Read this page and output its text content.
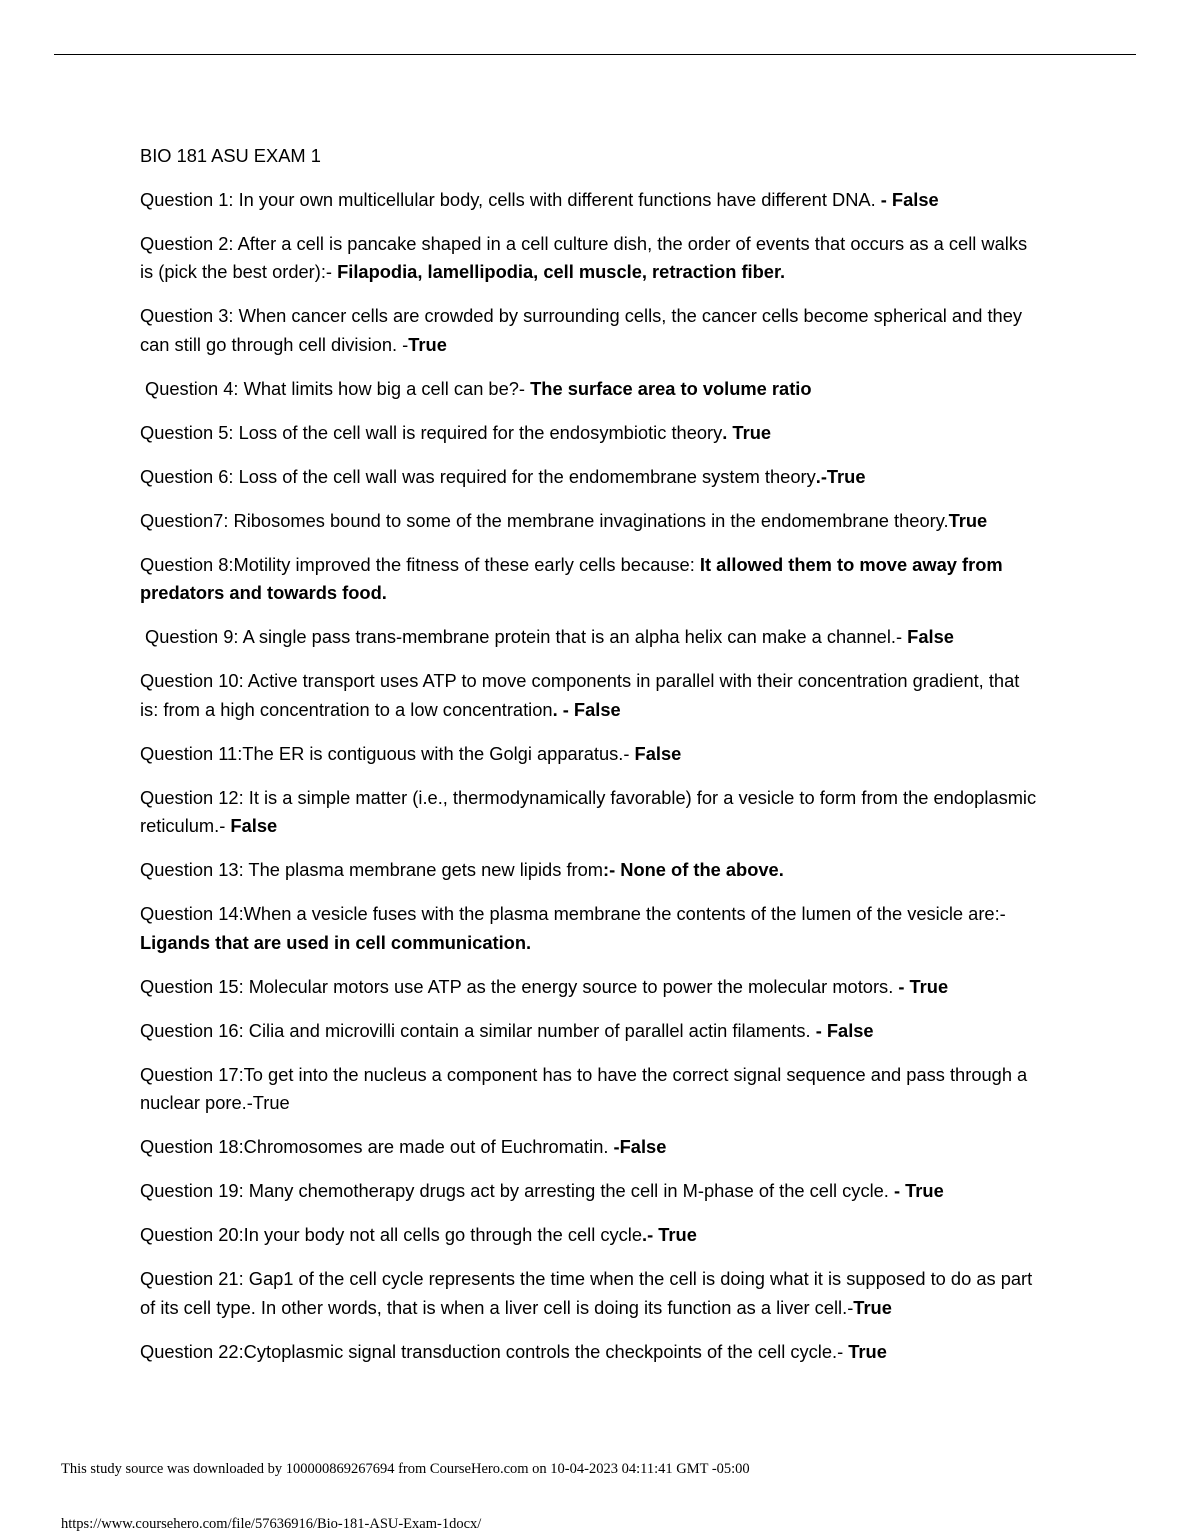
BIO 181 ASU EXAM 1

Question 1: In your own multicellular body, cells with different functions have different DNA. - False

Question 2: After a cell is pancake shaped in a cell culture dish, the order of events that occurs as a cell walks is (pick the best order):- Filapodia, lamellipodia, cell muscle, retraction fiber.

Question 3: When cancer cells are crowded by surrounding cells, the cancer cells become spherical and they can still go through cell division. -True

Question 4: What limits how big a cell can be?- The surface area to volume ratio

Question 5: Loss of the cell wall is required for the endosymbiotic theory. True

Question 6: Loss of the cell wall was required for the endomembrane system theory.-True

Question7: Ribosomes bound to some of the membrane invaginations in the endomembrane theory.True

Question 8:Motility improved the fitness of these early cells because: It allowed them to move away from predators and towards food.

Question 9: A single pass trans-membrane protein that is an alpha helix can make a channel.- False

Question 10: Active transport uses ATP to move components in parallel with their concentration gradient, that is: from a high concentration to a low concentration. - False

Question 11:The ER is contiguous with the Golgi apparatus.- False

Question 12: It is a simple matter (i.e., thermodynamically favorable) for a vesicle to form from the endoplasmic reticulum.- False

Question 13: The plasma membrane gets new lipids from:- None of the above.

Question 14:When a vesicle fuses with the plasma membrane the contents of the lumen of the vesicle are:- Ligands that are used in cell communication.

Question 15: Molecular motors use ATP as the energy source to power the molecular motors. - True

Question 16: Cilia and microvilli contain a similar number of parallel actin filaments. - False

Question 17:To get into the nucleus a component has to have the correct signal sequence and pass through a nuclear pore.-True

Question 18:Chromosomes are made out of Euchromatin. -False

Question 19: Many chemotherapy drugs act by arresting the cell in M-phase of the cell cycle. - True

Question 20:In your body not all cells go through the cell cycle.- True

Question 21: Gap1 of the cell cycle represents the time when the cell is doing what it is supposed to do as part of its cell type. In other words, that is when a liver cell is doing its function as a liver cell.-True

Question 22:Cytoplasmic signal transduction controls the checkpoints of the cell cycle.- True

This study source was downloaded by 100000869267694 from CourseHero.com on 10-04-2023 04:11:41 GMT -05:00
https://www.coursehero.com/file/57636916/Bio-181-ASU-Exam-1docx/
